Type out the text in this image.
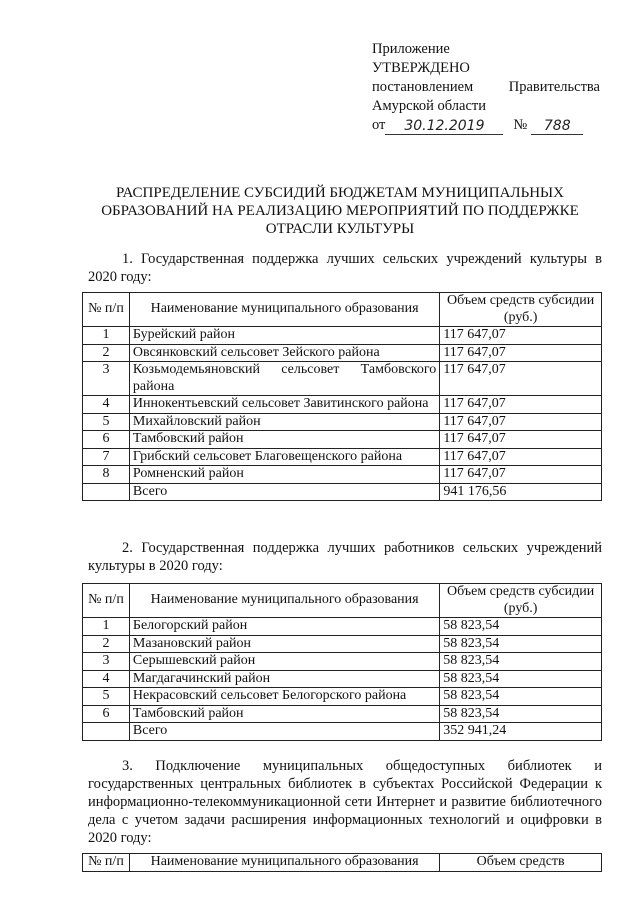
Приложение
УТВЕРЖДЕНО
постановлением Правительства
Амурской области
от	30.12.2019	№	788
РАСПРЕДЕЛЕНИЕ СУБСИДИЙ БЮДЖЕТАМ МУНИЦИПАЛЬНЫХ ОБРАЗОВАНИЙ НА РЕАЛИЗАЦИЮ МЕРОПРИЯТИЙ ПО ПОДДЕРЖКЕ ОТРАСЛИ КУЛЬТУРЫ
1. Государственная поддержка лучших сельских учреждений культуры в 2020 году:
№ п/п	Наименование муниципального образования	Объем средств субсидии (руб.)
1	Бурейский район	117 647,07
2	Овсянковский сельсовет Зейского района	117 647,07
3	Козьмодемьяновский сельсовет Тамбовского района	117 647,07
4	Иннокентьевский сельсовет Завитинского района	117 647,07
5	Михайловский район	117 647,07
6	Тамбовский район	117 647,07
7	Грибский сельсовет Благовещенского района	117 647,07
8	Ромненский район	117 647,07
	Всего	941 176,56
2. Государственная поддержка лучших работников сельских учреждений культуры в 2020 году:
№ п/п	Наименование муниципального образования	Объем средств субсидии (руб.)
1	Белогорский район	58 823,54
2	Мазановский район	58 823,54
3	Серышевский район	58 823,54
4	Магдагачинский район	58 823,54
5	Некрасовский сельсовет Белогорского района	58 823,54
6	Тамбовский район	58 823,54
	Всего	352 941,24
3. Подключение муниципальных общедоступных библиотек и государственных центральных библиотек в субъектах Российской Федерации к информационно-телекоммуникационной сети Интернет и развитие библиотечного дела с учетом задачи расширения информационных технологий и оцифровки в 2020 году:
№ п/п	Наименование муниципального образования	Объем средств
